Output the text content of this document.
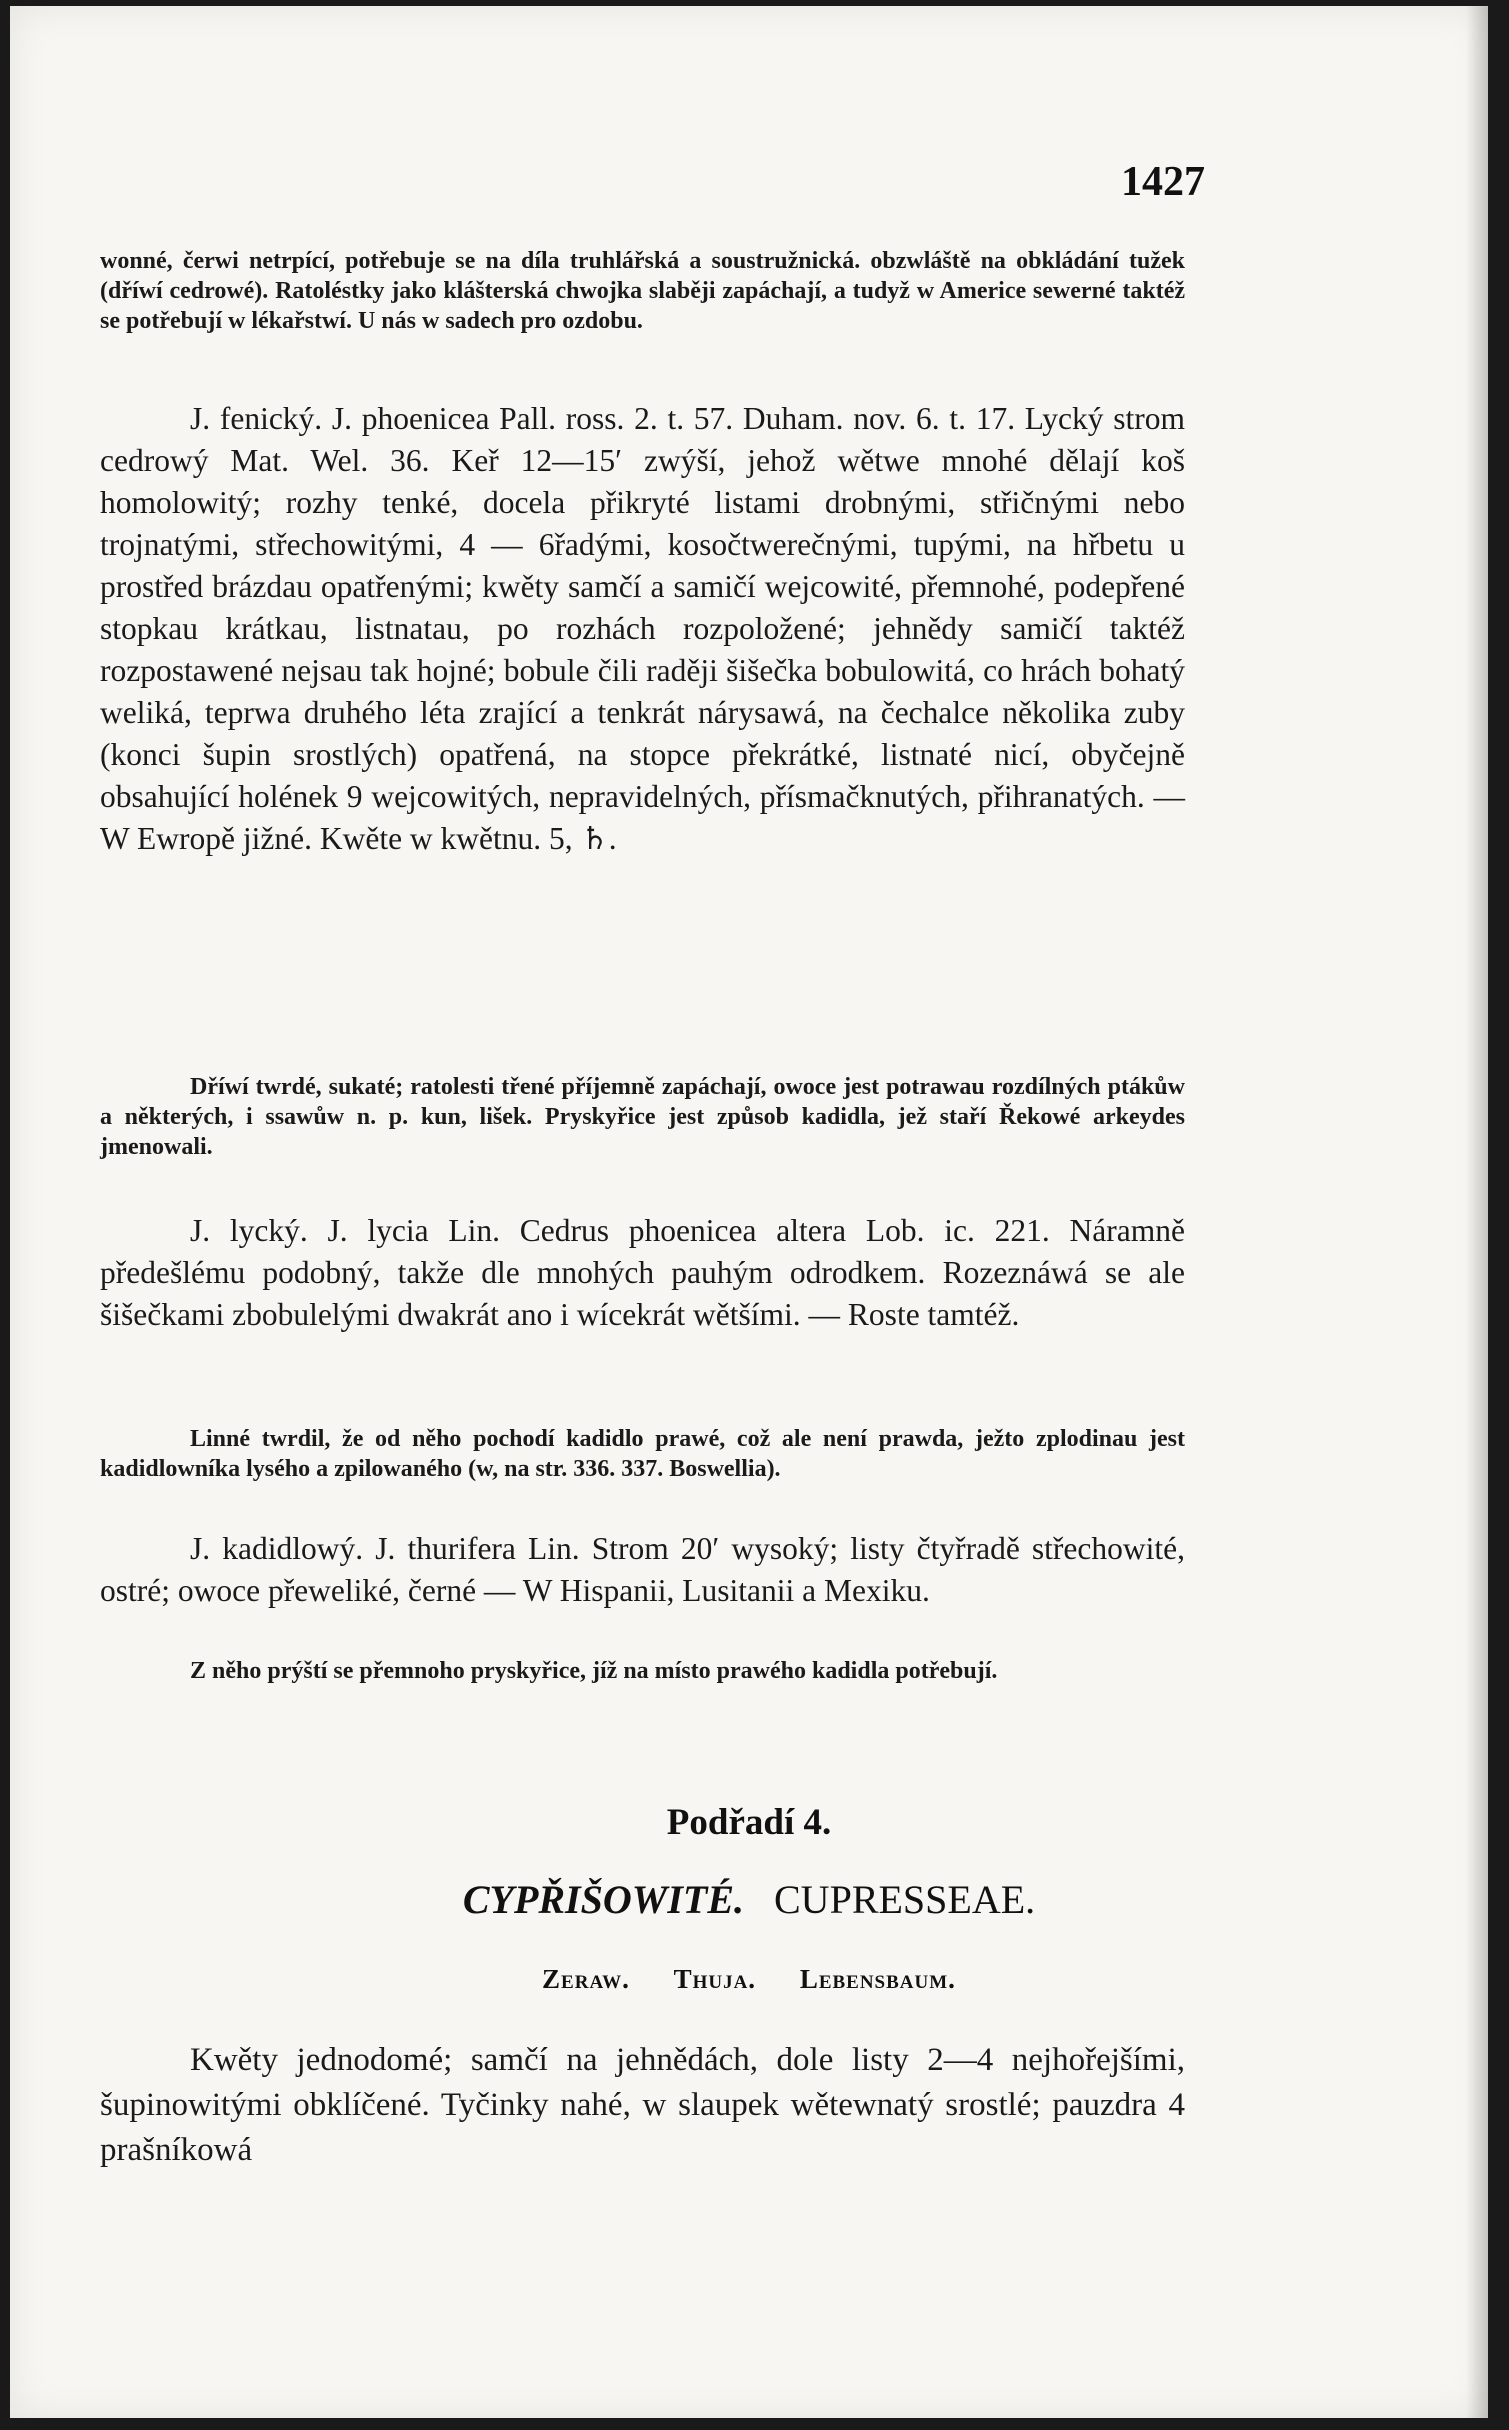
1427

wonné, čerwi netrpící, potřebuje se na díla truhlářská a soustružnická. obzwláště na obkládání tužek (dříwí cedrowé). Ratoléstky jako klášterská chwojka slaběji zapáchají, a tudyž w Americe sewerné taktéž se potřebují w lékařstwí. U nás w sadech pro ozdobu.

J. fenický. J. phoenicea Pall. ross. 2. t. 57. Duham. nov. 6. t. 17. Lycký strom cedrowý Mat. Wel. 36. Keř 12—15′ zwýší, jehož wětwe mnohé dělají koš homolowitý; rozhy tenké, docela přikryté listami drobnými, střičnými nebo trojnatými, střechowitými, 4 — 6řadými, kosočtwerečnými, tupými, na hřbetu u prostřed brázdau opatřenými; kwěty samčí a samičí wejcowité, přemnohé, podepřené stopkau krátkau, listnatau, po rozhách rozpoložené; jehnědy samičí taktéž rozpostawené nejsau tak hojné; bobule čili raději šišečka bobulowitá, co hrách bohatý weliká, teprwa druhého léta zrající a tenkrát nárysawá, na čechalce několika zuby (konci šupin srostlých) opatřená, na stopce překrátké, listnaté nicí, obyčejně obsahující holének 9 wejcowitých, nepravidelných, přísmačknutých, přihranatých. — W Ewropě jižné. Kwěte w kwětnu. 5, ♄.

Dříwí twrdé, sukaté; ratolesti třené příjemně zapáchají, owoce jest potrawau rozdílných ptákůw a některých, i ssawůw n. p. kun, lišek. Pryskyřice jest způsob kadidla, jež staří Řekowé arkeydes jmenowali.

J. lycký. J. lycia Lin. Cedrus phoenicea altera Lob. ic. 221. Náramně předešlému podobný, takže dle mnohých pauhým odrodkem. Rozeznáwá se ale šišečkami zbobulelými dwakrát ano i wícekrát wětšími. — Roste tamtéž.

Linné twrdil, že od něho pochodí kadidlo prawé, což ale není prawda, ježto zplodinau jest kadidlowníka lysého a zpilowaného (w, na str. 336. 337. Boswellia).

J. kadidlowý. J. thurifera Lin. Strom 20′ wysoký; listy čtyřradě střechowité, ostré; owoce přeweliké, černé — W Hispanii, Lusitanii a Mexiku.

Z něho prýští se přemnoho pryskyřice, jíž na místo prawého kadidla potřebují.

Podřadí 4.
CYPŘIŠOWITÉ. CUPRESSEAE.
Zeraw. Thuja. Lebensbaum.

Kwěty jednodomé; samčí na jehnědách, dole listy 2—4 nejhořejšími, šupinowitými obklíčené. Tyčinky nahé, w slaupek wětewnatý srostlé; pauzdra 4 prašníkowá
